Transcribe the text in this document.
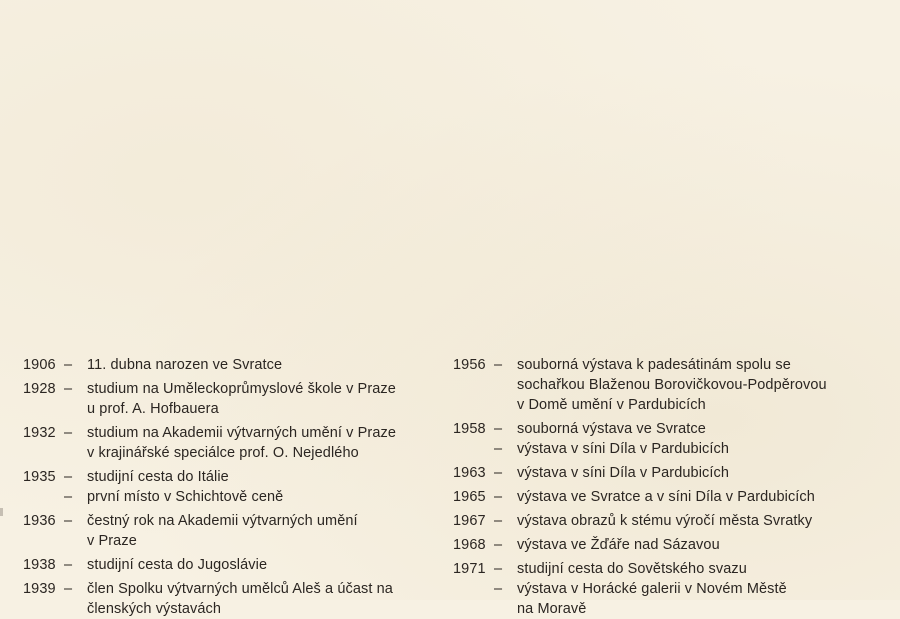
1906 –	11. dubna narozen ve Svratce
1928 –	studium na Uměleckoprůmyslové škole v Praze
u prof. A. Hofbauera
1932 –	studium na Akademii výtvarných umění v Praze
v krajinářské speciálce prof. O. Nejedlého
1935 –	studijní cesta do Itálie
–	první místo v Schichtově ceně
1936 –	čestný rok na Akademii výtvarných umění
v Praze
1938 –	studijní cesta do Jugoslávie
1939 –	člen Spolku výtvarných umělců Aleš a účast na
členských výstavách
1956 –	souborná výstava k padesátinám spolu se
sochařkou Blaženou Borovičkovou-Podpěrovou
v Domě umění v Pardubicích
1958 –	souborná výstava ve Svratce
–	výstava v síni Díla v Pardubicích
1963 –	výstava v síni Díla v Pardubicích
1965 –	výstava ve Svratce a v síni Díla v Pardubicích
1967 –	výstava obrazů k stému výročí města Svratky
1968 –	výstava ve Žďáře nad Sázavou
1971 –	studijní cesta do Sovětského svazu
–	výstava v Horácké galerii v Novém Městě
na Moravě
